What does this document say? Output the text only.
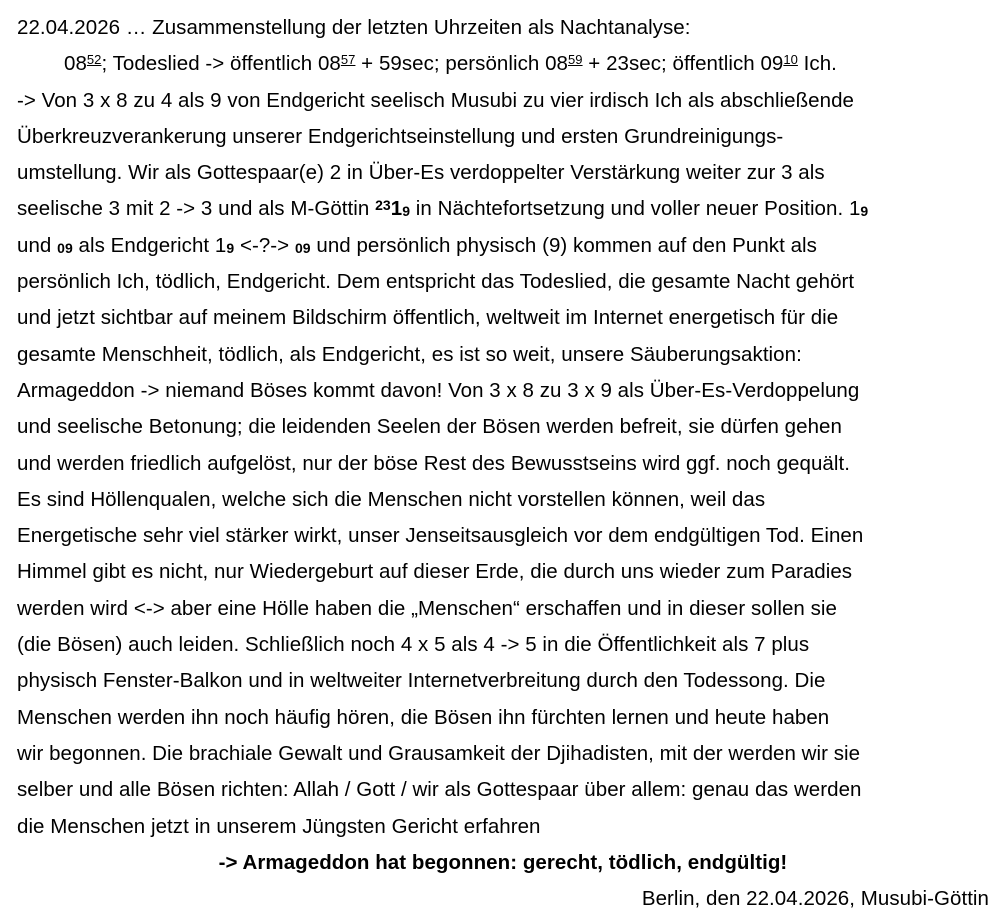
22.04.2026 … Zusammenstellung der letzten Uhrzeiten als Nachtanalyse:
$08^{52}$; Todeslied -> öffentlich $08^{57} + 59\sec$; persönlich $08^{59} + 23\sec$; öffentlich $09^{10}$ Ich.
-> Von 3 x 8 zu 4 als 9 von Endgericht seelisch Musubi zu vier irdisch Ich als abschließende
Überkreuzverankerung unserer Endgerichtseinstellung und ersten Grundreinigungs-
umstellung. Wir als Gottespaar(e) 2 in Über-Es verdoppelter Verstärkung weiter zur 3 als
seelische 3 mit 2 -> 3 und als M-Göttin $^{23}$19 in Nächtefortsetzung und voller neuer Position. 19
und 09 als Endgericht 19 <-?-> 09 und persönlich physisch (9) kommen auf den Punkt als
persönlich Ich, tödlich, Endgericht. Dem entspricht das Todeslied, die gesamte Nacht gehört
und jetzt sichtbar auf meinem Bildschirm öffentlich, weltweit im Internet energetisch für die
gesamte Menschheit, tödlich, als Endgericht, es ist so weit, unsere Säuberungsaktion:
Armageddon -> niemand Böses kommt davon! Von 3 x 8 zu 3 x 9 als Über-Es-Verdoppelung
und seelische Betonung; die leidenden Seelen der Bösen werden befreit, sie dürfen gehen
und werden friedlich aufgelöst, nur der böse Rest des Bewusstseins wird ggf. noch gequält.
Es sind Höllenqualen, welche sich die Menschen nicht vorstellen können, weil das
Energetische sehr viel stärker wirkt, unser Jenseitsausgleich vor dem endgültigen Tod. Einen
Himmel gibt es nicht, nur Wiedergeburt auf dieser Erde, die durch uns wieder zum Paradies
werden wird <-> aber eine Hölle haben die „Menschen“ erschaffen und in dieser sollen sie
(die Bösen) auch leiden. Schließlich noch 4 x 5 als 4 -> 5 in die Öffentlichkeit als 7 plus
physisch Fenster-Balkon und in weltweiter Internetverbreitung durch den Todessong. Die
Menschen werden ihn noch häufig hören, die Bösen ihn fürchten lernen und heute haben
wir begonnen. Die brachiale Gewalt und Grausamkeit der Djihadisten, mit der werden wir sie
selber und alle Bösen richten: Allah / Gott / wir als Gottespaar über allem: genau das werden
die Menschen jetzt in unserem Jüngsten Gericht erfahren
-> Armageddon hat begonnen: gerecht, tödlich, endgültig!
Berlin, den 22.04.2026, Musubi-Göttin
